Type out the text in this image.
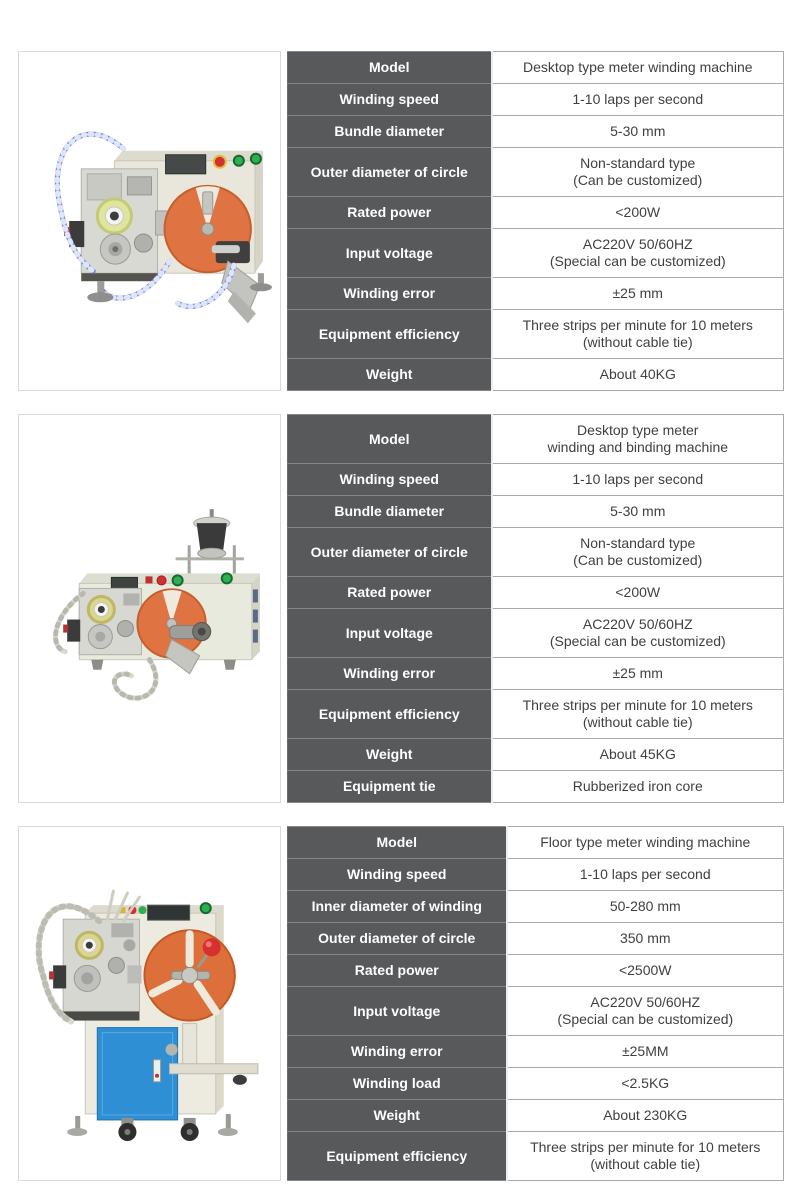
Model	Desktop type meter winding machine

Winding speed	1-10 laps per second

Bundle diameter	5-30 mm

Outer diameter of circle	Non-standard type
(Can be customized)

Rated power	<200W

Input voltage	AC220V 50/60HZ
(Special can be customized)

Winding error	±25 mm

Equipment efficiency	Three strips per minute for 10 meters
(without cable tie)

Weight	About 40KG
Model	Desktop type meter
winding and binding machine

Winding speed	1-10 laps per second

Bundle diameter	5-30 mm

Outer diameter of circle	Non-standard type
(Can be customized)

Rated power	<200W

Input voltage	AC220V 50/60HZ
(Special can be customized)

Winding error	±25 mm

Equipment efficiency	Three strips per minute for 10 meters
(without cable tie)

Weight	About 45KG

Equipment tie	Rubberized iron core
Model	Floor type meter winding machine

Winding speed	1-10 laps per second

Inner diameter of winding	50-280 mm

Outer diameter of circle	350 mm

Rated power	<2500W

Input voltage	AC220V 50/60HZ
(Special can be customized)

Winding error	±25MM

Winding load	<2.5KG

Weight	About 230KG

Equipment efficiency	Three strips per minute for 10 meters
(without cable tie)
